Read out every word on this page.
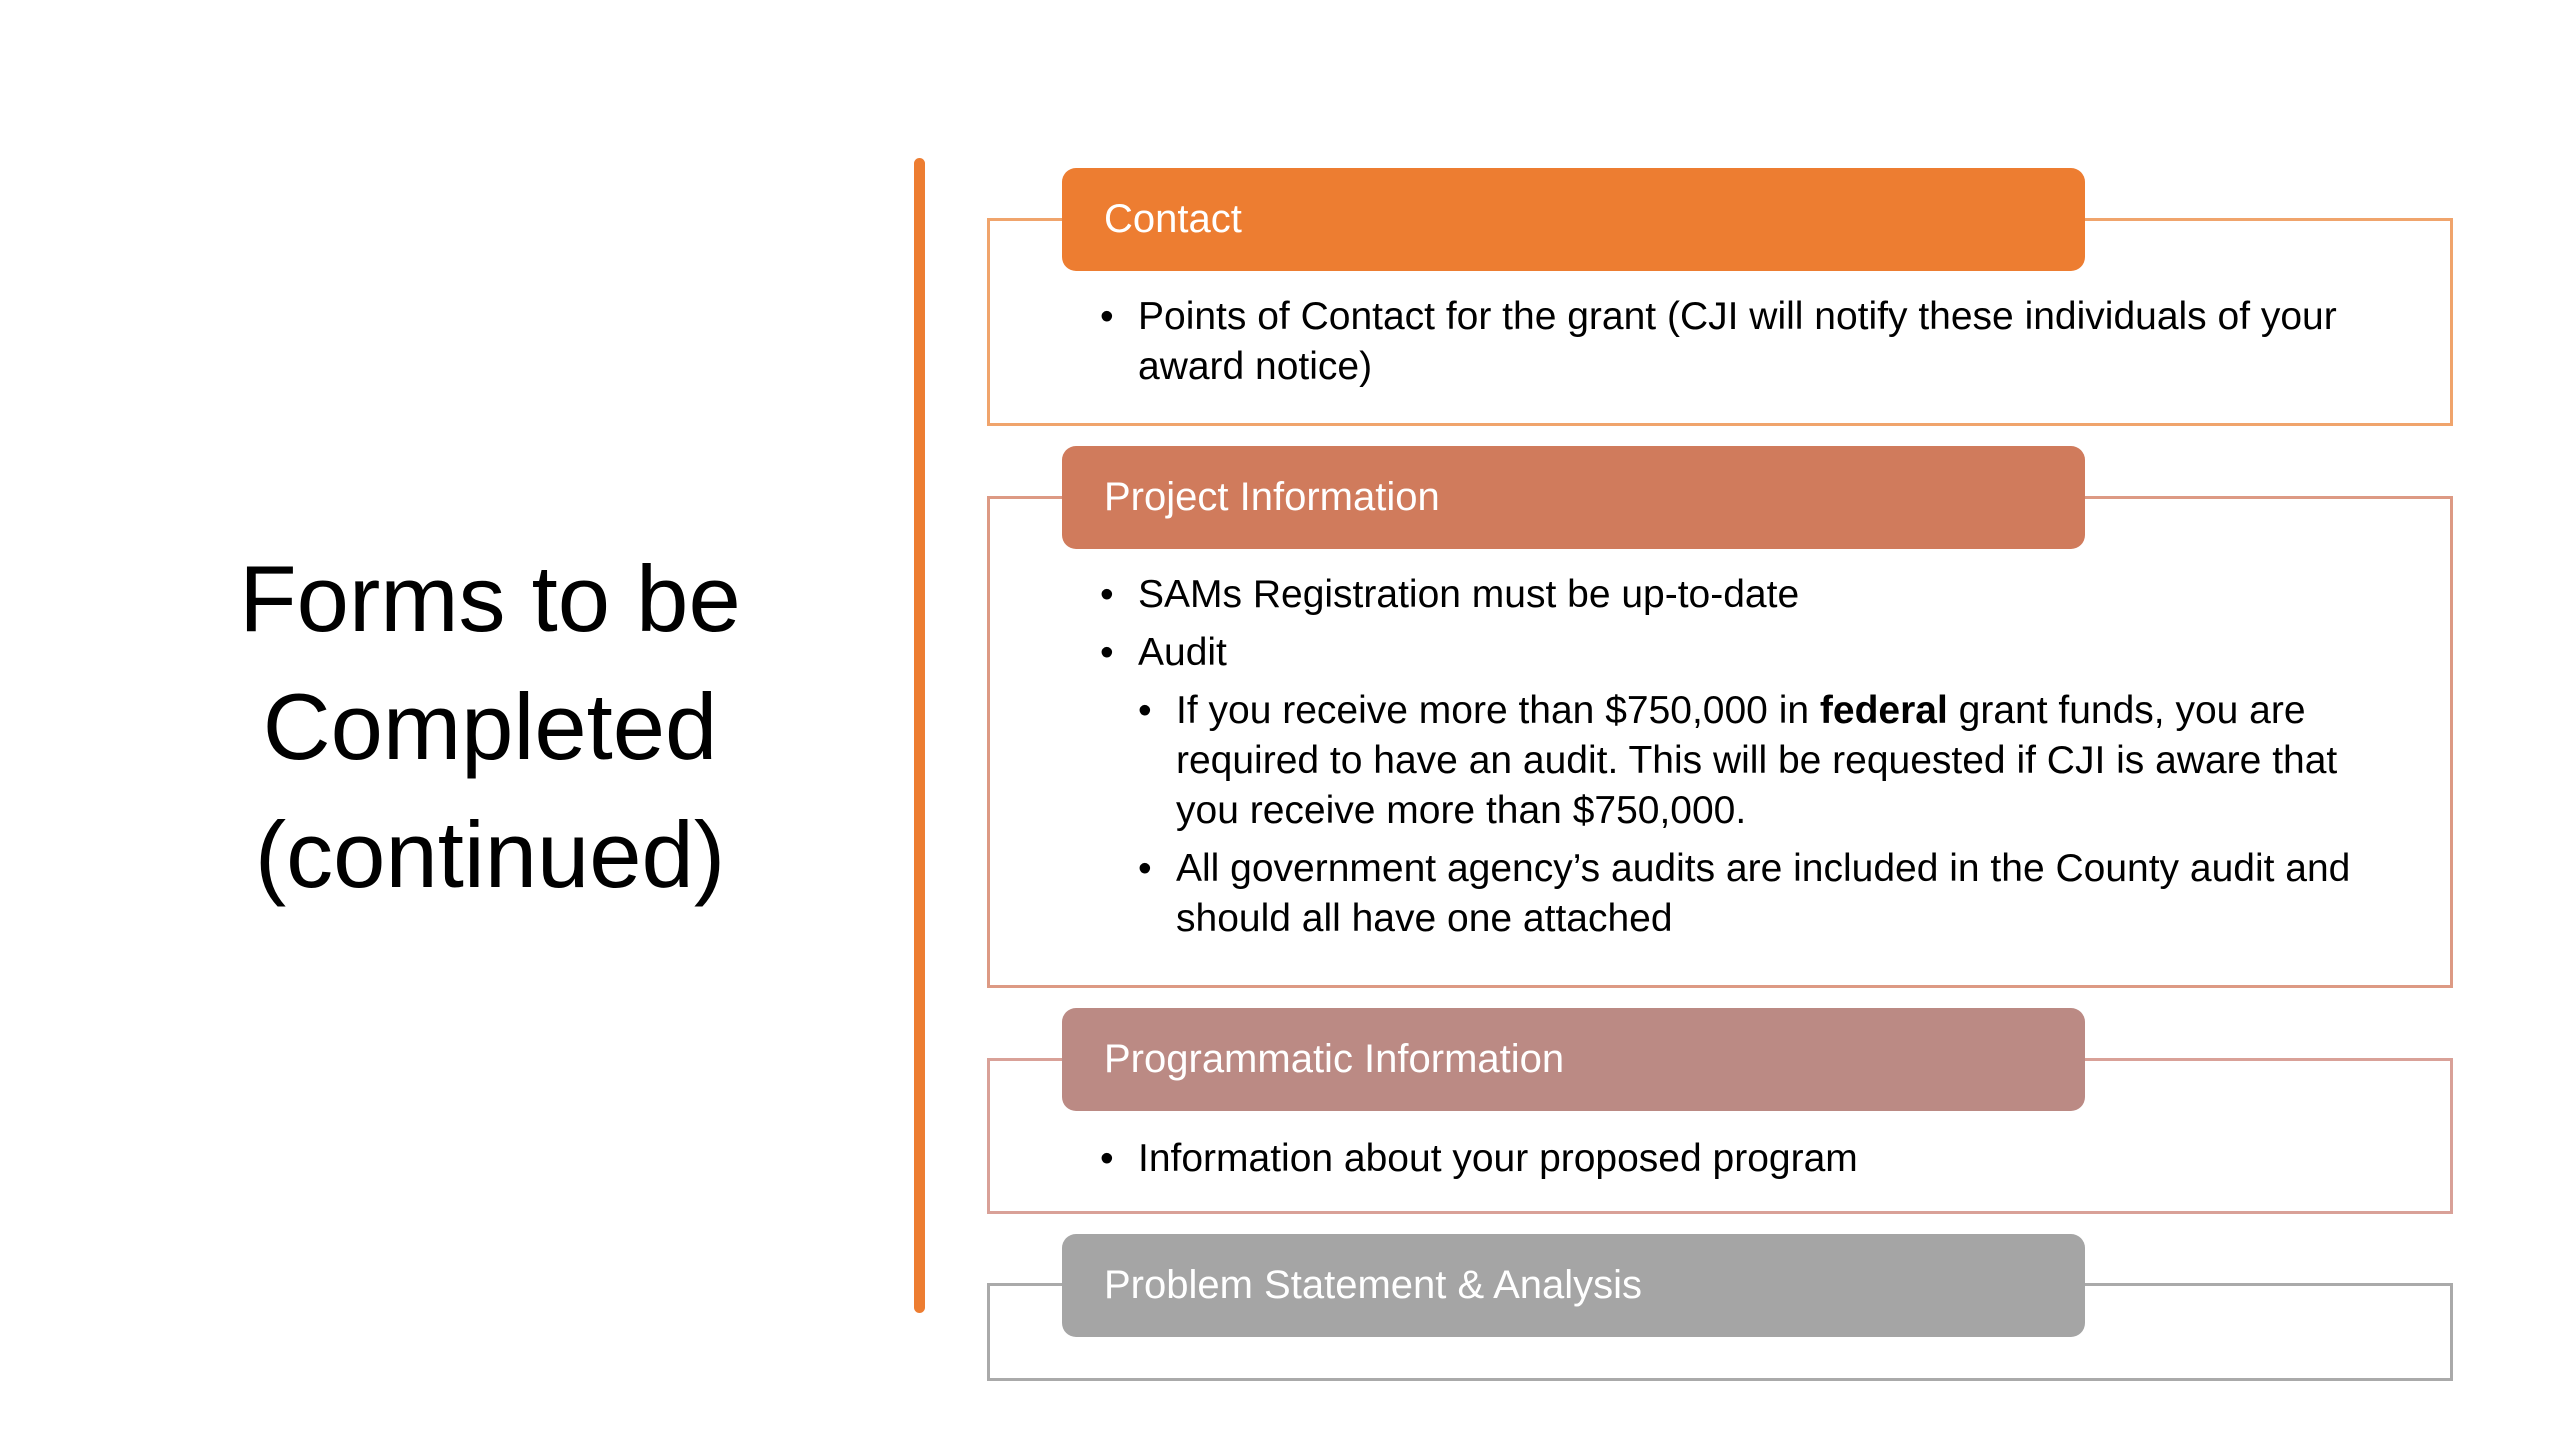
Forms to be
Completed
(continued)
Contact
• Points of Contact for the grant (CJI will notify these individuals of your award notice)
Project Information
• SAMs Registration must be up-to-date
• Audit
• If you receive more than $750,000 in federal grant funds, you are required to have an audit. This will be requested if CJI is aware that you receive more than $750,000.
• All government agency’s audits are included in the County audit and should all have one attached
Programmatic Information
• Information about your proposed program
Problem Statement & Analysis
